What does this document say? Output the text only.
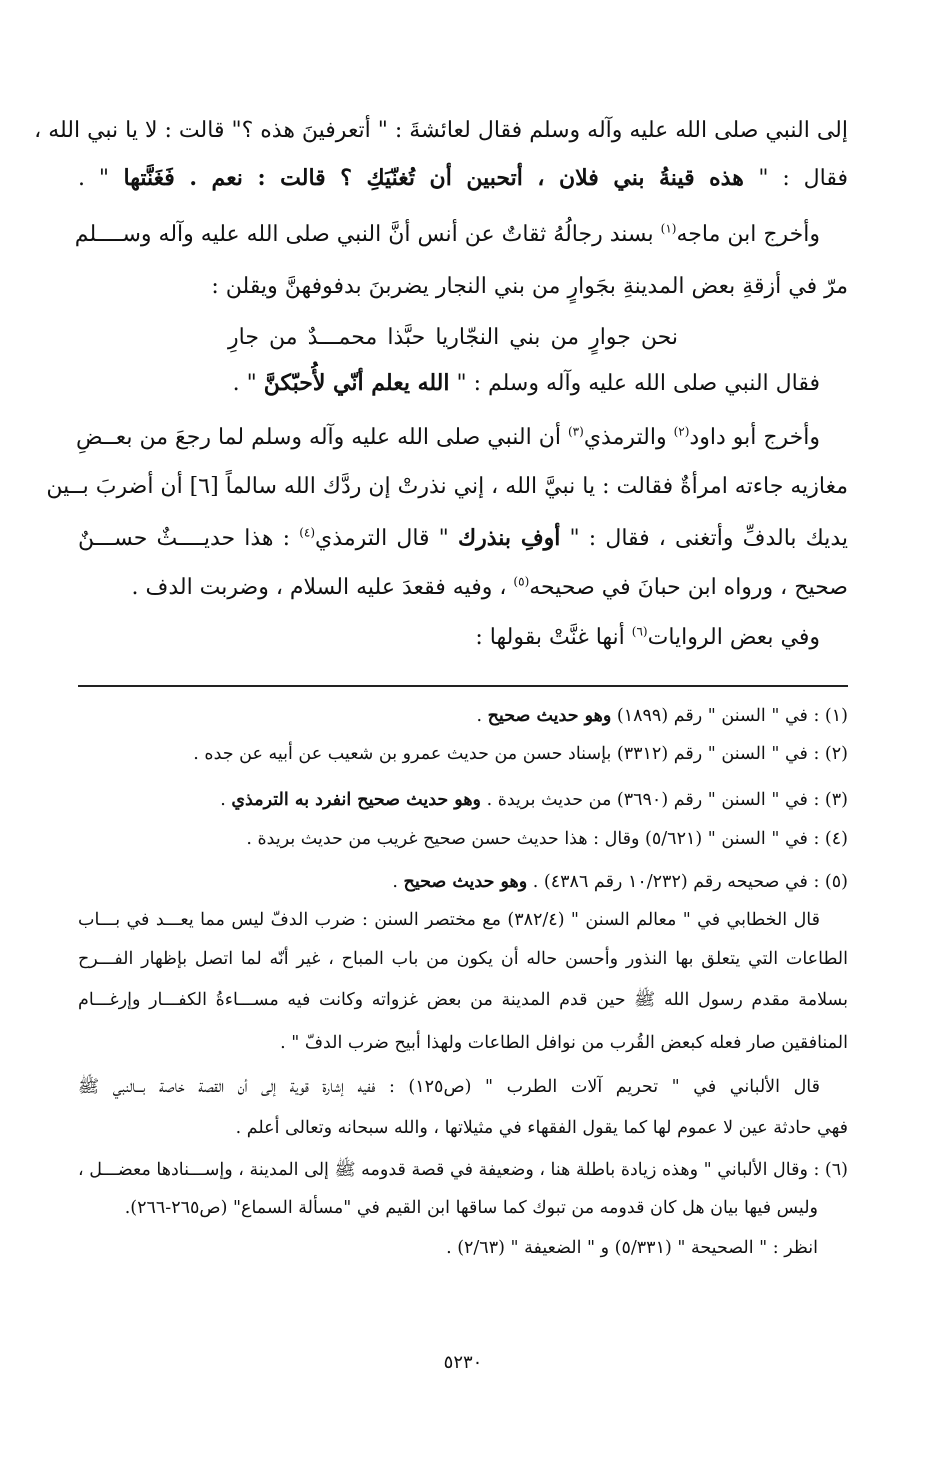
إلى النبي صلى الله عليه وآله وسلم فقال لعائشةَ : " أتعرفينَ هذه ؟" قالت : لا يا نبي الله ،
فقال : " هذه قينةُ بني فلان ، أتحبين أن تُغنّيَكِ ؟ قالت : نعم . فَغَنَّتها " .
وأخرج ابن ماجه$^{(١)}$ بسند رجالُهُ ثقاتٌ عن أنس أنَّ النبي صلى الله عليه وآله وســــلم
مرّ في أزقةِ بعض المدينةِ بجَوارٍ من بني النجار يضربنَ بدفوفهنَّ ويقلن :
نحن جوارٍ من بني النجّاريا حبَّذا محمـــدٌ من جارِ
فقال النبي صلى الله عليه وآله وسلم : " الله يعلم أنّي لأُحبّكنَّ " .
وأخرج أبو داود$^{(٢)}$ والترمذي$^{(٣)}$ أن النبي صلى الله عليه وآله وسلم لما رجعَ من بعــضِ
مغازيه جاءته امرأةٌ فقالت : يا نبيَّ الله ، إني نذرتْ إن ردَّك الله سالماً [٦] أن أضربَ بــين
يديك بالدفِّ وأتغنى ، فقال : " أوفِ بنذرك " قال الترمذي$^{(٤)}$ : هذا حديــــثٌ حســـنٌ
صحيح ، ورواه ابن حبانَ في صحيحه$^{(٥)}$ ، وفيه فقعدَ عليه السلام ، وضربت الدف .
وفي بعض الروايات$^{(٦)}$ أنها غنَّتْ بقولها :
(١) : في " السنن " رقم (١٨٩٩) وهو حديث صحيح .
(٢) : في " السنن " رقم (٣٣١٢) بإسناد حسن من حديث عمرو بن شعيب عن أبيه عن جده .
(٣) : في " السنن " رقم (٣٦٩٠) من حديث بريدة . وهو حديث صحيح انفرد به الترمذي .
(٤) : في " السنن " (٥/٦٢١) وقال : هذا حديث حسن صحيح غريب من حديث بريدة .
(٥) : في صحيحه رقم (١٠/٢٣٢ رقم ٤٣٨٦) . وهو حديث صحيح .
قال الخطابي في " معالم السنن " (٣٨٢/٤) مع مختصر السنن : ضرب الدفّ ليس مما يعـــد في بـــاب
الطاعات التي يتعلق بها النذور وأحسن حاله أن يكون من باب المباح ، غير أنّه لما اتصل بإظهار الفـــرح
بسلامة مقدم رسول الله ﷺ حين قدم المدينة من بعض غزواته وكانت فيه مســـاءةُ الكفـــار وإرغـــام
المنافقين صار فعله كبعض القُرب من نوافل الطاعات ولهذا أبيح ضرب الدفّ " .
قال الألباني في " تحريم آلات الطرب " (ص١٢٥) : ففيه إشارة قوية إلى أن القصة خاصة بـــالنبي ﷺ
فهي حادثة عين لا عموم لها كما يقول الفقهاء في مثيلاتها ، والله سبحانه وتعالى أعلم .
(٦) : وقال الألباني " وهذه زيادة باطلة هنا ، وضعيفة في قصة قدومه ﷺ إلى المدينة ، وإســـنادها معضـــل ،
وليس فيها بيان هل كان قدومه من تبوك كما ساقها ابن القيم في "مسألة السماع" (ص٢٦٥-٢٦٦).
انظر : " الصحيحة " (٥/٣٣١) و " الضعيفة " (٢/٦٣) .
٥٢٣٠
